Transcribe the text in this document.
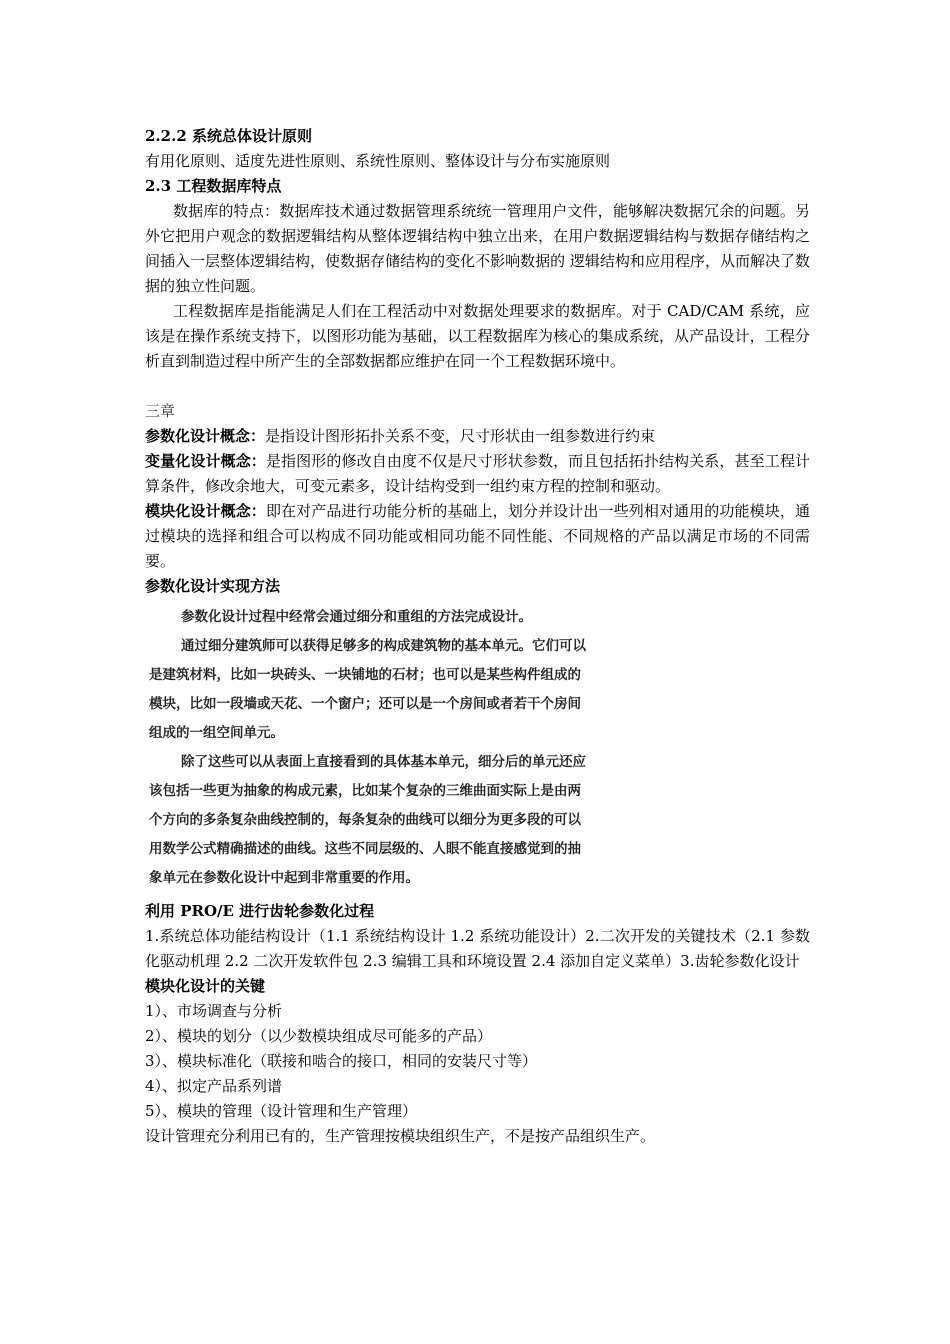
2.2.2 系统总体设计原则
有用化原则、适度先进性原则、系统性原则、整体设计与分布实施原则
2.3 工程数据库特点
数据库的特点：数据库技术通过数据管理系统统一管理用户文件，能够解决数据冗余的问题。另外它把用户观念的数据逻辑结构从整体逻辑结构中独立出来，在用户数据逻辑结构与数据存储结构之间插入一层整体逻辑结构，使数据存储结构的变化不影响数据的 逻辑结构和应用程序，从而解决了数据的独立性问题。
工程数据库是指能满足人们在工程活动中对数据处理要求的数据库。对于 CAD/CAM 系统，应该是在操作系统支持下，以图形功能为基础，以工程数据库为核心的集成系统，从产品设计，工程分析直到制造过程中所产生的全部数据都应维护在同一个工程数据环境中。
三章
参数化设计概念：是指设计图形拓扑关系不变，尺寸形状由一组参数进行约束
变量化设计概念：是指图形的修改自由度不仅是尺寸形状参数，而且包括拓扑结构关系，甚至工程计算条件，修改余地大，可变元素多，设计结构受到一组约束方程的控制和驱动。
模块化设计概念：即在对产品进行功能分析的基础上，划分并设计出一些列相对通用的功能模块，通过模块的选择和组合可以构成不同功能或相同功能不同性能、不同规格的产品以满足市场的不同需要。
参数化设计实现方法

参数化设计过程中经常会通过细分和重组的方法完成设计。

通过细分建筑师可以获得足够多的构成建筑物的基本单元。它们可以是建筑材料，比如一块砖头、一块铺地的石材；也可以是某些构件组成的模块，比如一段墙或天花、一个窗户；还可以是一个房间或者若干个房间组成的一组空间单元。

除了这些可以从表面上直接看到的具体基本单元，细分后的单元还应该包括一些更为抽象的构成元素，比如某个复杂的三维曲面实际上是由两个方向的多条复杂曲线控制的，每条复杂的曲线可以细分为更多段的可以用数学公式精确描述的曲线。这些不同层级的、人眼不能直接感觉到的抽象单元在参数化设计中起到非常重要的作用。

利用 PRO/E 进行齿轮参数化过程
1.系统总体功能结构设计（1.1 系统结构设计 1.2 系统功能设计）2.二次开发的关键技术（2.1 参数化驱动机理 2.2 二次开发软件包 2.3 编辑工具和环境设置 2.4 添加自定义菜单）3.齿轮参数化设计
模块化设计的关键
1）、市场调查与分析
2）、模块的划分（以少数模块组成尽可能多的产品）
3）、模块标准化（联接和啮合的接口，相同的安装尺寸等）
4）、拟定产品系列谱
5）、模块的管理（设计管理和生产管理）
设计管理充分利用已有的，生产管理按模块组织生产，不是按产品组织生产。
